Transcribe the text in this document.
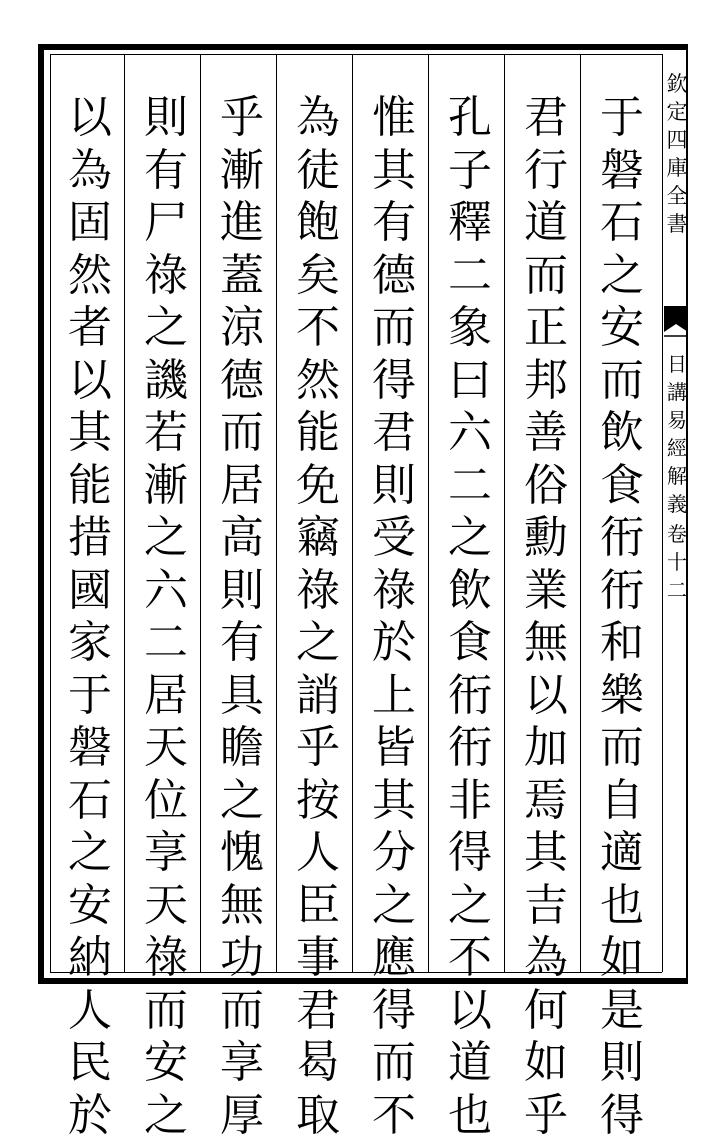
于
磐
石
之
安
而
飲
食
衎
衎
和
樂
而
自
適
也
如
是
則
得
君
行
道
而
正
邦
善
俗
勳
業
無
以
加
焉
其
吉
為
何
如
乎
孔
子
釋
二
象
曰
六
二
之
飲
食
衎
衎
非
得
之
不
以
道
也
惟
其
有
德
而
得
君
則
受
祿
於
上
皆
其
分
之
應
得
而
不
為
徒
飽
矣
不
然
能
免
竊
祿
之
誚
乎
按
人
臣
事
君
曷
取
乎
漸
進
蓋
涼
德
而
居
高
則
有
具
瞻
之
愧
無
功
而
享
厚
則
有
尸
祿
之
譏
若
漸
之
六
二
居
天
位
享
天
祿
而
安
之
以
為
固
然
者
以
其
能
措
國
家
于
磐
石
之
安
納
人
民
於
欽
定
四
庫
全
書
日
講
易
經
解
義
卷
十
二
